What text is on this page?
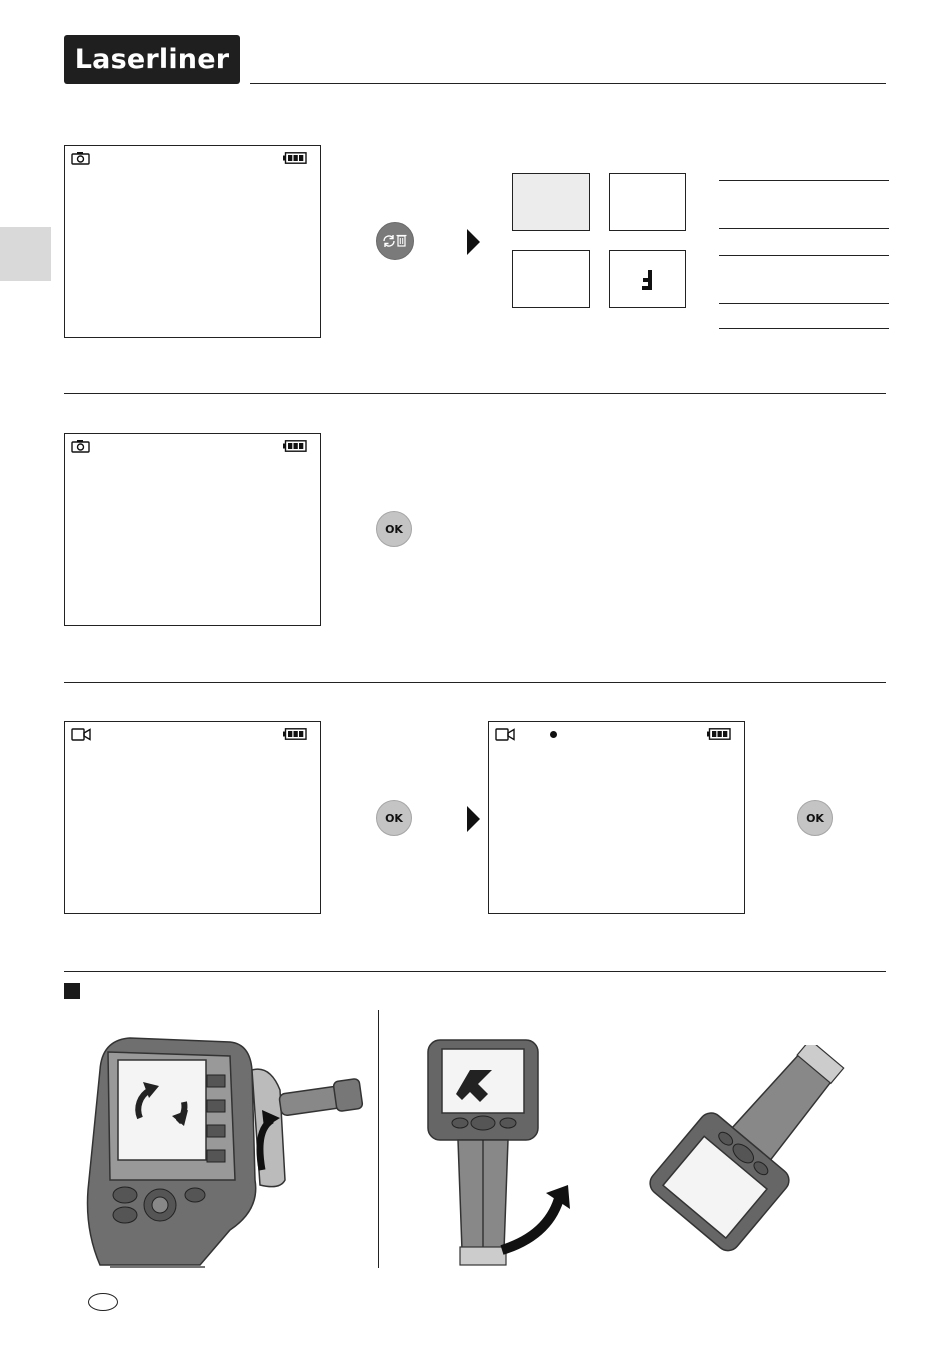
Laserliner
OK
OK	OK
